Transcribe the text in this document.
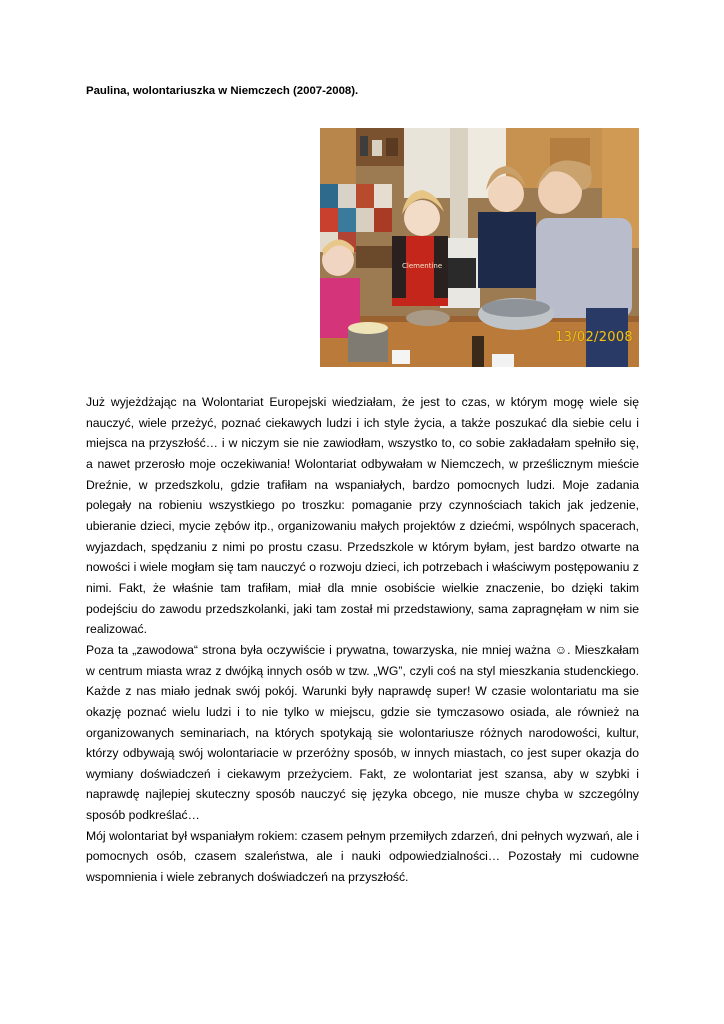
Paulina, wolontariuszka w Niemczech (2007-2008).
Clementine
13/02/2008

Już wyjeżdżając na Wolontariat Europejski wiedziałam, że jest to czas, w którym mogę wiele się nauczyć, wiele przeżyć, poznać ciekawych ludzi i ich style życia, a także poszukać dla siebie celu i miejsca na przyszłość… i w niczym sie nie zawiodłam, wszystko to, co sobie zakładałam spełniło się, a nawet przerosło moje oczekiwania! Wolontariat odbywałam w Niemczech, w prześlicznym mieście Dreźnie, w przedszkolu, gdzie trafiłam na wspaniałych, bardzo pomocnych ludzi. Moje zadania polegały na robieniu wszystkiego po troszku: pomaganie przy czynnościach takich jak jedzenie, ubieranie dzieci, mycie zębów itp., organizowaniu małych projektów z dziećmi, wspólnych spacerach, wyjazdach, spędzaniu z nimi po prostu czasu. Przedszkole w którym byłam, jest bardzo otwarte na nowości i wiele mogłam się tam nauczyć o rozwoju dzieci, ich potrzebach i właściwym postępowaniu z nimi. Fakt, że właśnie tam trafiłam, miał dla mnie osobiście wielkie znaczenie, bo dzięki takim podejściu do zawodu przedszkolanki, jaki tam został mi przedstawiony, sama zapragnęłam w nim sie realizować.

Poza ta „zawodowa“ strona była oczywiście i prywatna, towarzyska, nie mniej ważna ☺. Mieszkałam w centrum miasta wraz z dwójką innych osób w tzw. „WG”, czyli coś na styl mieszkania studenckiego. Każde z nas miało jednak swój pokój. Warunki były naprawdę super! W czasie wolontariatu ma sie okazję poznać wielu ludzi i to nie tylko w miejscu, gdzie sie tymczasowo osiada, ale również na organizowanych seminariach, na których spotykają sie wolontariusze różnych narodowości, kultur, którzy odbywają swój wolontariacie w przeróżny sposób, w innych miastach, co jest super okazja do wymiany doświadczeń i ciekawym przeżyciem. Fakt, ze wolontariat jest szansa, aby w szybki i naprawdę najlepiej skuteczny sposób nauczyć się języka obcego, nie musze chyba w szczególny sposób podkreślać…

Mój wolontariat był wspaniałym rokiem: czasem pełnym przemiłych zdarzeń, dni pełnych wyzwań, ale i pomocnych osób, czasem szaleństwa, ale i nauki odpowiedzialności… Pozostały mi cudowne wspomnienia i wiele zebranych doświadczeń na przyszłość.
